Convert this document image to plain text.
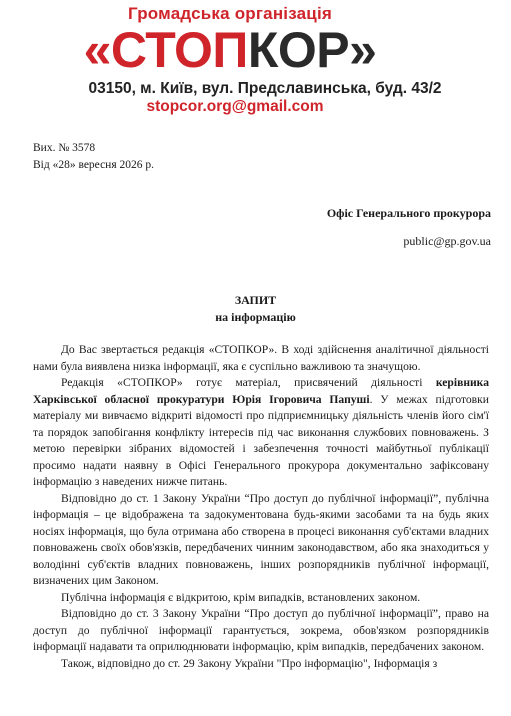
Громадська організація
«СТОПКОР»
03150, м. Київ, вул. Предславинська, буд. 43/2
stopcor.org@gmail.com
Вих. № 3578
Від «28» вересня 2026 р.
Офіс Генерального прокурора
public@gp.gov.ua
ЗАПИТ
на інформацію

До Вас звертається редакція «СТОПКОР». В ході здійснення аналітичної діяльності нами була виявлена низка інформації, яка є суспільно важливою та значущою.

Редакція «СТОПКОР» готує матеріал, присвячений діяльності керівника Харківської обласної прокуратури Юрія Ігоровича Папуші. У межах підготовки матеріалу ми вивчаємо відкриті відомості про підприємницьку діяльність членів його сім'ї та порядок запобігання конфлікту інтересів під час виконання службових повноважень. З метою перевірки зібраних відомостей і забезпечення точності майбутньої публікації просимо надати наявну в Офісі Генерального прокурора документально зафіксовану інформацію з наведених нижче питань.

Відповідно до ст. 1 Закону України “Про доступ до публічної інформації”, публічна інформація – це відображена та задокументована будь-якими засобами та на будь яких носіях інформація, що була отримана або створена в процесі виконання суб'єктами владних повноважень своїх обов'язків, передбачених чинним законодавством, або яка знаходиться у володінні суб'єктів владних повноважень, інших розпорядників публічної інформації, визначених цим Законом.

Публічна інформація є відкритою, крім випадків, встановлених законом.

Відповідно до ст. 3 Закону України “Про доступ до публічної інформації”, право на доступ до публічної інформації гарантується, зокрема, обов'язком розпорядників інформації надавати та оприлюднювати інформацію, крім випадків, передбачених законом.

Також, відповідно до ст. 29 Закону України "Про інформацію", Інформація з
